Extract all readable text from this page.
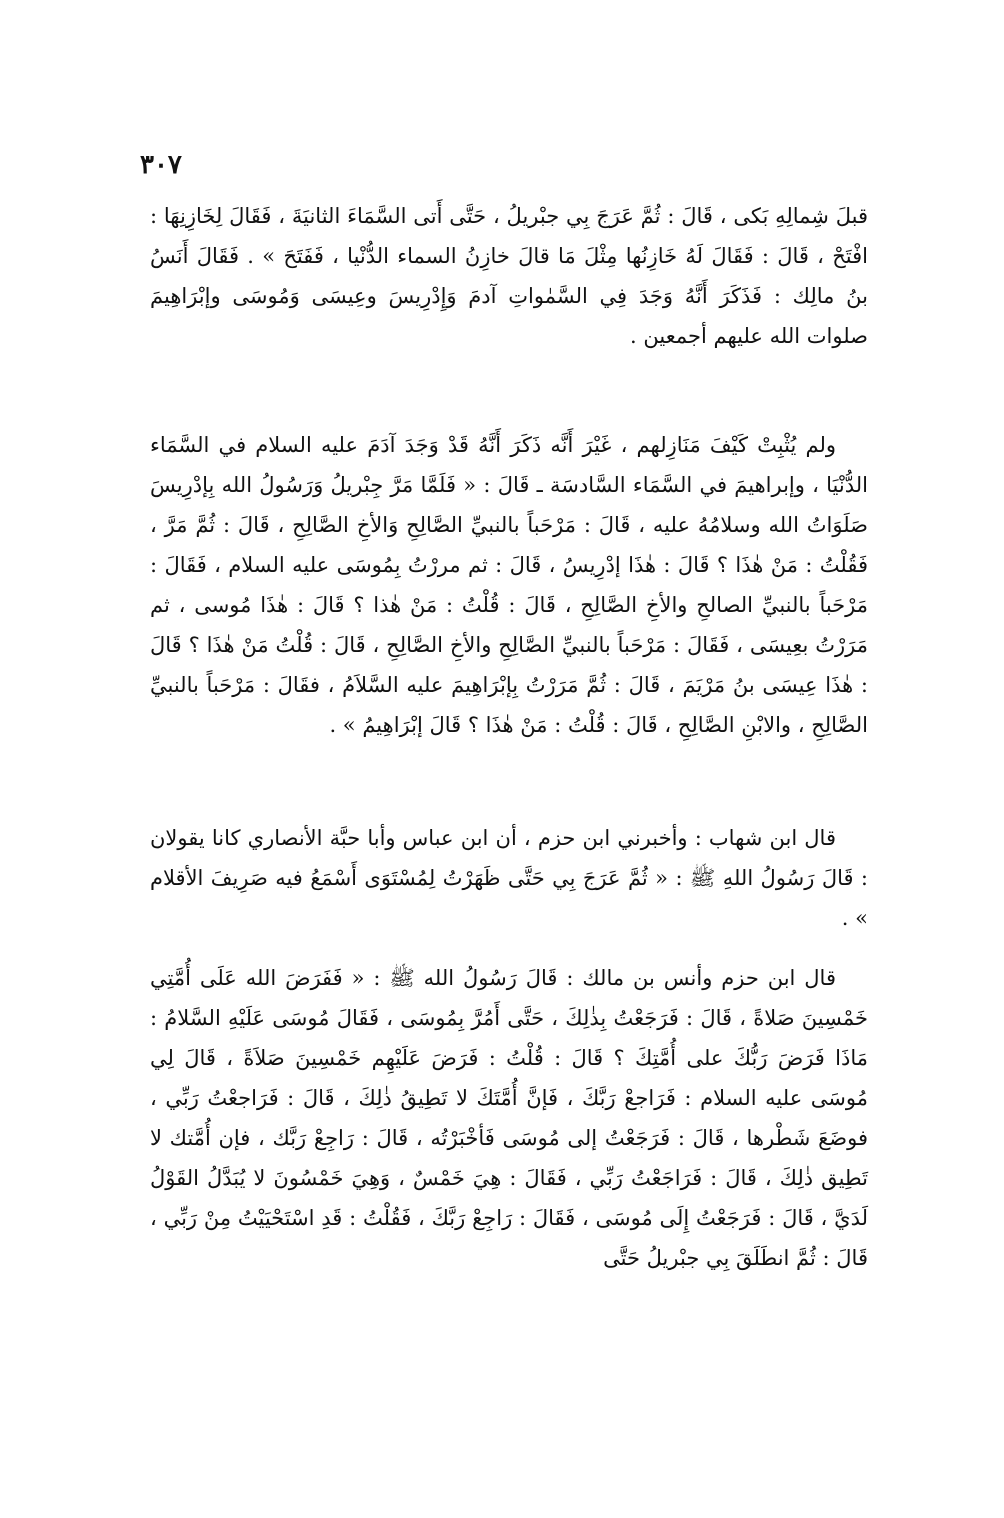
٣٠٧

قبلَ شِمالِهِ بَكى ، قَالَ : ثُمَّ عَرَجَ بِي جبْريلُ ، حَتَّى أَتى السَّمَاءَ الثانيَةَ ، فَقَالَ لِخَازِنِهَا : افْتَحْ ، قَالَ : فَقَالَ لَهُ خَازِنُها مِثْلَ مَا قالَ خازِنُ السماء الدُّنْيا ، فَفَتَحَ » . فَقَالَ أَنَسُ بنُ مالِك : فَذَكَرَ أَنَّهُ وَجَدَ فِي السَّمٰواتِ آدمَ وَإِدْرِيسَ وعِيسَى وَمُوسَى وإبْرَاهِيمَ صلوات الله عليهم أجمعين .

ولم يُثْبِتْ كَيْفَ مَنَازِلهم ، غَيْرَ أَنَّه ذَكَرَ أَنَّهُ قَدْ وَجَدَ آدَمَ عليه السلام في السَّمَاء الدُّنْيَا ، وإبراهيمَ في السَّمَاء السَّادسَة ـ قَالَ : « فَلَمَّا مَرَّ جِبْريلُ وَرَسُولُ الله بِإدْرِيسَ صَلَوَاتُ الله وسلامُهُ عليه ، قَالَ : مَرْحَباً بالنبيِّ الصَّالِحِ وَالأخِ الصَّالِحِ ، قَالَ : ثُمَّ مَرَّ ، فَقُلْتُ : مَنْ هٰذَا ؟ قَالَ : هٰذَا إدْرِيسُ ، قَالَ : ثم مررْتُ بِمُوسَى عليه السلام ، فَقَالَ : مَرْحَباً بالنبيِّ الصالحِ والأخِ الصَّالِحِ ، قَالَ : قُلْتُ : مَنْ هٰذا ؟ قَالَ : هٰذَا مُوسى ، ثم مَرَرْتُ بعِيسَى ، فَقَالَ : مَرْحَباً بالنبيِّ الصَّالِحِ والأخِ الصَّالِحِ ، قَالَ : قُلْتُ مَنْ هٰذَا ؟ قَالَ : هٰذَا عِيسَى بنُ مَرْيَمَ ، قَالَ : ثُمَّ مَرَرْتُ بِإبْرَاهِيمَ عليه السَّلاَمُ ، فقَالَ : مَرْحَباً بالنبيِّ الصَّالِحِ ، والابْنِ الصَّالِحِ ، قَالَ : قُلْتُ : مَنْ هٰذَا ؟ قَالَ إبْرَاهِيمُ » .

قال ابن شهاب : وأخبرني ابن حزم ، أن ابن عباس وأبا حبَّة الأنصاري كانا يقولان : قَالَ رَسُولُ اللهِ ﷺ : « ثُمَّ عَرَجَ بِي حَتَّى ظَهَرْتُ لِمُسْتَوَى أَسْمَعُ فيه صَرِيفَ الأقلام » .

قال ابن حزم وأنس بن مالك : قَالَ رَسُولُ الله ﷺ : « فَفَرَضَ الله عَلَى أُمَّتِي خَمْسِينَ صَلاةً ، قَالَ : فَرَجَعْتُ بِذٰلِكَ ، حَتَّى أَمُرَّ بِمُوسَى ، فَقَالَ مُوسَى عَلَيْهِ السَّلامُ : مَاذَا فَرَضَ رَبُّكَ على أُمَّتِكَ ؟ قَالَ : قُلْتُ : فَرَضَ عَلَيْهِم خَمْسِينَ صَلاَةً ، قَالَ لِي مُوسَى عليه السلام : فَرَاجعْ رَبَّكَ ، فَإنَّ أُمَّتَكَ لا تَطِيقُ ذٰلِكَ ، قَالَ : فَرَاجعْتُ رَبِّي ، فوضَعَ شَطْرها ، قَالَ : فَرَجَعْتُ إلى مُوسَى فَأخْبَرْتُه ، قَالَ : رَاجِعْ رَبَّك ، فإن أُمَّتك لا تَطِيق ذٰلِكَ ، قَالَ : فَرَاجَعْتُ رَبِّي ، فَقَالَ : هِيَ خَمْسٌ ، وَهِيَ خَمْسُونَ لا يُبَدَّلُ القَوْلُ لَدَيَّ ، قَالَ : فَرَجَعْتُ إِلَى مُوسَى ، فَقَالَ : رَاجِعْ رَبَّكَ ، فَقُلْتُ : قَدِ اسْتَحْيَيْتُ مِنْ رَبِّي ، قَالَ : ثُمَّ انطَلَقَ بِي جبْريلُ حَتَّى
